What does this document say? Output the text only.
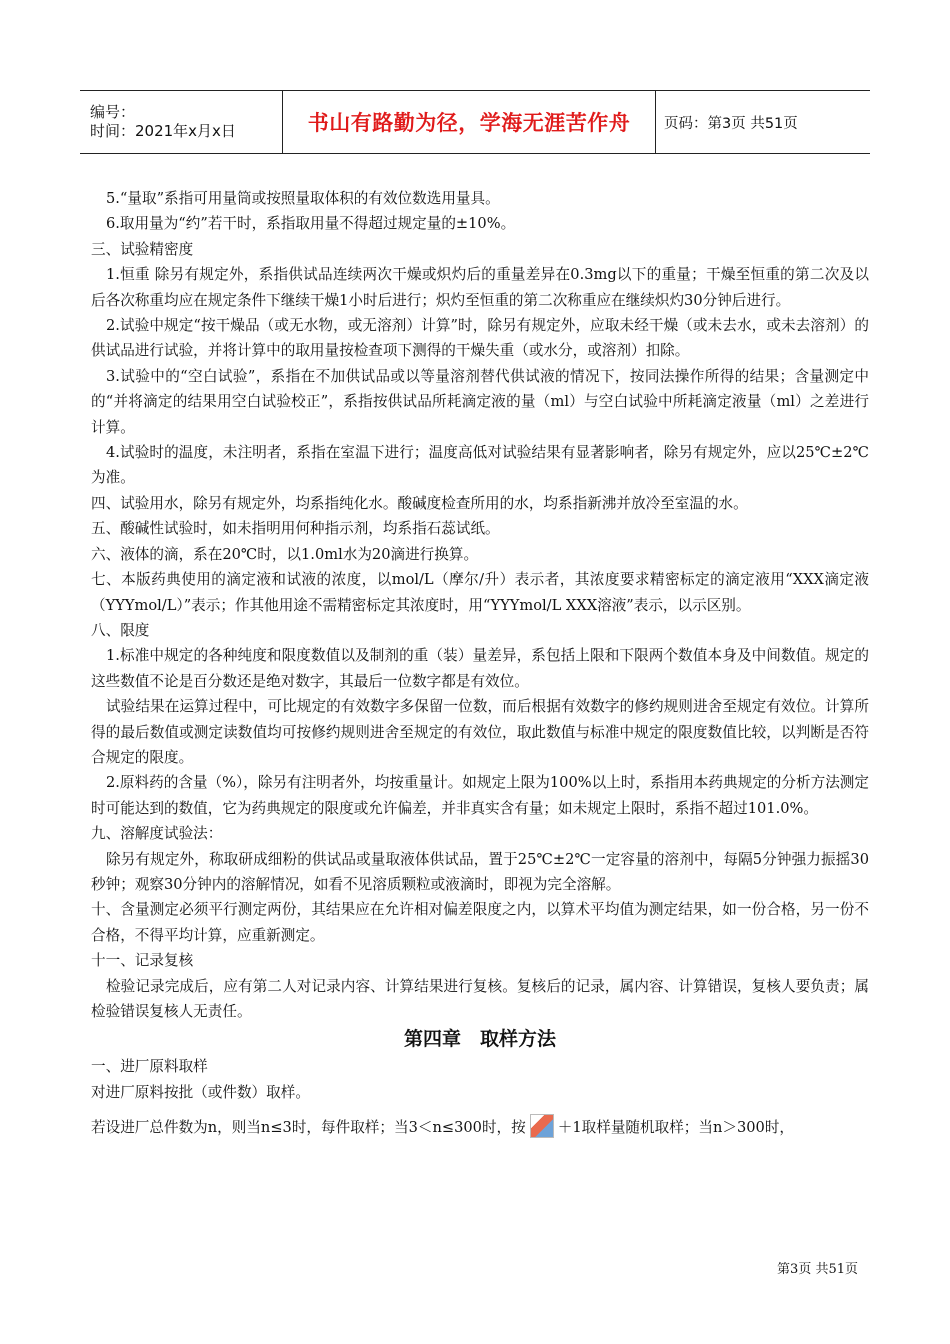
编号：
时间：2021年x月x日	书山有路勤为径，学海无涯苦作舟	页码：第3页 共51页

5.“量取”系指可用量筒或按照量取体积的有效位数选用量具。

6.取用量为“约”若干时，系指取用量不得超过规定量的±10%。

三、试验精密度

1.恒重 除另有规定外，系指供试品连续两次干燥或炽灼后的重量差异在0.3mg以下的重量；干燥至恒重的第二次及以后各次称重均应在规定条件下继续干燥1小时后进行；炽灼至恒重的第二次称重应在继续炽灼30分钟后进行。

2.试验中规定“按干燥品（或无水物，或无溶剂）计算”时，除另有规定外，应取未经干燥（或未去水，或未去溶剂）的供试品进行试验，并将计算中的取用量按检查项下测得的干燥失重（或水分，或溶剂）扣除。

3.试验中的“空白试验”，系指在不加供试品或以等量溶剂替代供试液的情况下，按同法操作所得的结果；含量测定中的“并将滴定的结果用空白试验校正”，系指按供试品所耗滴定液的量（ml）与空白试验中所耗滴定液量（ml）之差进行计算。

4.试验时的温度，未注明者，系指在室温下进行；温度高低对试验结果有显著影响者，除另有规定外，应以25℃±2℃为准。

四、试验用水，除另有规定外，均系指纯化水。酸碱度检查所用的水，均系指新沸并放冷至室温的水。

五、酸碱性试验时，如未指明用何种指示剂，均系指石蕊试纸。

六、液体的滴，系在20℃时，以1.0ml水为20滴进行换算。

七、本版药典使用的滴定液和试液的浓度，以mol/L（摩尔/升）表示者，其浓度要求精密标定的滴定液用“XXX滴定液（YYYmol/L）”表示；作其他用途不需精密标定其浓度时，用“YYYmol/L XXX溶液”表示，以示区别。

八、限度

1.标准中规定的各种纯度和限度数值以及制剂的重（装）量差异，系包括上限和下限两个数值本身及中间数值。规定的这些数值不论是百分数还是绝对数字，其最后一位数字都是有效位。

试验结果在运算过程中，可比规定的有效数字多保留一位数，而后根据有效数字的修约规则进舍至规定有效位。计算所得的最后数值或测定读数值均可按修约规则进舍至规定的有效位，取此数值与标准中规定的限度数值比较，以判断是否符合规定的限度。

2.原料药的含量（%），除另有注明者外，均按重量计。如规定上限为100%以上时，系指用本药典规定的分析方法测定时可能达到的数值，它为药典规定的限度或允许偏差，并非真实含有量；如未规定上限时，系指不超过101.0%。

九、溶解度试验法：

除另有规定外，称取研成细粉的供试品或量取液体供试品，置于25℃±2℃一定容量的溶剂中，每隔5分钟强力振摇30秒钟；观察30分钟内的溶解情况，如看不见溶质颗粒或液滴时，即视为完全溶解。

十、含量测定必须平行测定两份，其结果应在允许相对偏差限度之内，以算术平均值为测定结果，如一份合格，另一份不合格，不得平均计算，应重新测定。

十一、记录复核

检验记录完成后，应有第二人对记录内容、计算结果进行复核。复核后的记录，属内容、计算错误，复核人要负责；属检验错误复核人无责任。

第四章　取样方法

一、进厂原料取样

对进厂原料按批（或件数）取样。

若设进厂总件数为n，则当n≤3时，每件取样；当3＜n≤300时，按 ＋1取样量随机取样；当n＞300时，

第3页 共51页
